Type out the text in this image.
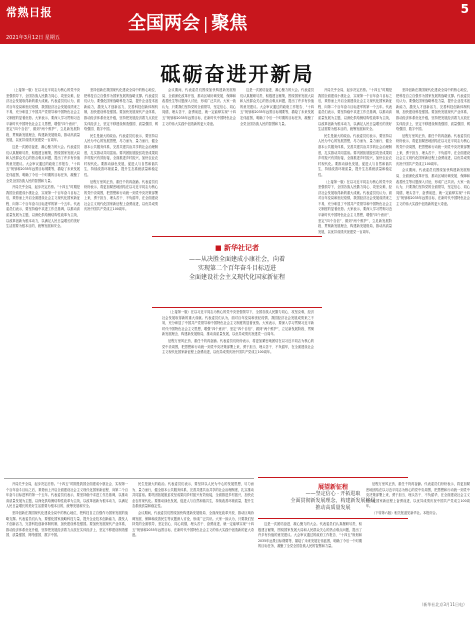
常熟日报
全国两会 | 聚焦
5
2021年3月12日 星期五
砥砺奋进开新局

（上接第一版）在以习近平同志为核心的党中央坚强领导下，全国各族人民勠力同心、攻坚克难，经济社会发展取得新的重大成就。代表委员们认为，面对百年变局和世纪疫情，我国经济社会发展成绩来之不易，充分彰显了中国共产党领导和中国特色社会主义制度的显著优势。大家表示，要深入学习贯彻习近平新时代中国特色社会主义思想，增强“四个意识”、坚定“四个自信”、做到“两个维护”，立足新发展阶段、贯彻新发展理念、构建新发展格局，推动高质量发展，以优异成绩庆祝建党一百周年。

这是一次团结奋进、凝心聚力的大会。代表委员们认真履职尽责，积极建言献策，围绕国家发展大局和人民群众关心的热点难点问题，提出了许多有价值的意见建议。大会审议通过的政府工作报告、“十四五”规划和2035年远景目标纲要等，描绘了未来发展宏伟蓝图，明确了今后一个时期的目标任务，凝聚了全党全国各族人民的智慧和力量。

开局关乎全局，起步决定后势。“十四五”时期是我国全面建成小康社会、实现第一个百年奋斗目标之后，乘势而上开启全面建设社会主义现代化国家新征程、向第二个百年奋斗目标进军的第一个五年。代表委员们表示，要坚持稳中求进工作总基调，以推动高质量发展为主题，以深化供给侧结构性改革为主线，以改革创新为根本动力，以满足人民日益增长的美好生活需要为根本目的，统筹发展和安全。

坚持创新在我国现代化建设全局中的核心地位，把科技自立自强作为国家发展的战略支撑。代表委员们认为，要强化国家战略科技力量，提升企业技术创新能力，激发人才创新活力，完善科技创新体制机制，加快建设科技强国。要加快发展现代产业体系，推动经济体系优化升级，坚持把发展经济着力点放在实体经济上，坚定不移建设制造强国、质量强国、网络强国、数字中国。

民生是最大的政治。代表委员们表示，要坚持以人民为中心的发展思想，尽力而为、量力而行，健全基本公共服务体系，完善共建共治共享的社会治理制度，扎实推动共同富裕。要巩固拓展脱贫攻坚成果同乡村振兴有效衔接，全面推进乡村振兴，加快农业农村现代化。要推动绿色发展，促进人与自然和谐共生，持续改善环境质量，提升生态系统质量和稳定性。

征程万里风正劲，重任千钧再奋蹄。代表委员们纷纷表示，将更加紧密地团结在以习近平同志为核心的党中央周围，把思想和行动统一到党中央决策部署上来，勇于担当、埋头苦干、不负韶华，在全面建设社会主义现代化国家新征程上奋勇前进，以优异成绩庆祝中国共产党成立100周年。

会议期间，代表委员们围绕加快构建新发展格局、全面深化改革开放、推动区域协调发展、保障和改善民生等议题深入讨论，形成广泛共识。大家一致认为，只要我们坚持党的全面领导，坚定信心、同心同德，埋头苦干、奋勇前进，就一定能够实现“十四五”规划和2035年远景目标，在新时代中国特色社会主义的伟大实践中创造新的更大奇迹。

这是一次团结奋进、凝心聚力的大会。代表委员们认真履职尽责，积极建言献策，围绕国家发展大局和人民群众关心的热点难点问题，提出了许多有价值的意见建议。大会审议通过的政府工作报告、“十四五”规划和2035年远景目标纲要等，描绘了未来发展宏伟蓝图，明确了今后一个时期的目标任务，凝聚了全党全国各族人民的智慧和力量。

开局关乎全局，起步决定后势。“十四五”时期是我国全面建成小康社会、实现第一个百年奋斗目标之后，乘势而上开启全面建设社会主义现代化国家新征程、向第二个百年奋斗目标进军的第一个五年。代表委员们表示，要坚持稳中求进工作总基调，以推动高质量发展为主题，以深化供给侧结构性改革为主线，以改革创新为根本动力，以满足人民日益增长的美好生活需要为根本目的，统筹发展和安全。

民生是最大的政治。代表委员们表示，要坚持以人民为中心的发展思想，尽力而为、量力而行，健全基本公共服务体系，完善共建共治共享的社会治理制度，扎实推动共同富裕。要巩固拓展脱贫攻坚成果同乡村振兴有效衔接，全面推进乡村振兴，加快农业农村现代化。要推动绿色发展，促进人与自然和谐共生，持续改善环境质量，提升生态系统质量和稳定性。

（上接第一版）在以习近平同志为核心的党中央坚强领导下，全国各族人民勠力同心、攻坚克难，经济社会发展取得新的重大成就。代表委员们认为，面对百年变局和世纪疫情，我国经济社会发展成绩来之不易，充分彰显了中国共产党领导和中国特色社会主义制度的显著优势。大家表示，要深入学习贯彻习近平新时代中国特色社会主义思想，增强“四个意识”、坚定“四个自信”、做到“两个维护”，立足新发展阶段、贯彻新发展理念、构建新发展格局，推动高质量发展，以优异成绩庆祝建党一百周年。

坚持创新在我国现代化建设全局中的核心地位，把科技自立自强作为国家发展的战略支撑。代表委员们认为，要强化国家战略科技力量，提升企业技术创新能力，激发人才创新活力，完善科技创新体制机制，加快建设科技强国。要加快发展现代产业体系，推动经济体系优化升级，坚持把发展经济着力点放在实体经济上，坚定不移建设制造强国、质量强国、网络强国、数字中国。

征程万里风正劲，重任千钧再奋蹄。代表委员们纷纷表示，将更加紧密地团结在以习近平同志为核心的党中央周围，把思想和行动统一到党中央决策部署上来，勇于担当、埋头苦干、不负韶华，在全面建设社会主义现代化国家新征程上奋勇前进，以优异成绩庆祝中国共产党成立100周年。

会议期间，代表委员们围绕加快构建新发展格局、全面深化改革开放、推动区域协调发展、保障和改善民生等议题深入讨论，形成广泛共识。大家一致认为，只要我们坚持党的全面领导，坚定信心、同心同德，埋头苦干、奋勇前进，就一定能够实现“十四五”规划和2035年远景目标，在新时代中国特色社会主义的伟大实践中创造新的更大奇迹。

■ 新华社记者
——从决胜全面建成小康社会，向着
实现第二个百年奋斗目标迈进
全面建设社会主义现代化国家新征程

（上接第一版）在以习近平同志为核心的党中央坚强领导下，全国各族人民勠力同心、攻坚克难，经济社会发展取得新的重大成就。代表委员们认为，面对百年变局和世纪疫情，我国经济社会发展成绩来之不易，充分彰显了中国共产党领导和中国特色社会主义制度的显著优势。大家表示，要深入学习贯彻习近平新时代中国特色社会主义思想，增强“四个意识”、坚定“四个自信”、做到“两个维护”，立足新发展阶段、贯彻新发展理念、构建新发展格局，推动高质量发展，以优异成绩庆祝建党一百周年。

征程万里风正劲，重任千钧再奋蹄。代表委员们纷纷表示，将更加紧密地团结在以习近平同志为核心的党中央周围，把思想和行动统一到党中央决策部署上来，勇于担当、埋头苦干、不负韶华，在全面建设社会主义现代化国家新征程上奋勇前进，以优异成绩庆祝中国共产党成立100周年。

开局关乎全局，起步决定后势。“十四五”时期是我国全面建成小康社会、实现第一个百年奋斗目标之后，乘势而上开启全面建设社会主义现代化国家新征程、向第二个百年奋斗目标进军的第一个五年。代表委员们表示，要坚持稳中求进工作总基调，以推动高质量发展为主题，以深化供给侧结构性改革为主线，以改革创新为根本动力，以满足人民日益增长的美好生活需要为根本目的，统筹发展和安全。

坚持创新在我国现代化建设全局中的核心地位，把科技自立自强作为国家发展的战略支撑。代表委员们认为，要强化国家战略科技力量，提升企业技术创新能力，激发人才创新活力，完善科技创新体制机制，加快建设科技强国。要加快发展现代产业体系，推动经济体系优化升级，坚持把发展经济着力点放在实体经济上，坚定不移建设制造强国、质量强国、网络强国、数字中国。

民生是最大的政治。代表委员们表示，要坚持以人民为中心的发展思想，尽力而为、量力而行，健全基本公共服务体系，完善共建共治共享的社会治理制度，扎实推动共同富裕。要巩固拓展脱贫攻坚成果同乡村振兴有效衔接，全面推进乡村振兴，加快农业农村现代化。要推动绿色发展，促进人与自然和谐共生，持续改善环境质量，提升生态系统质量和稳定性。

会议期间，代表委员们围绕加快构建新发展格局、全面深化改革开放、推动区域协调发展、保障和改善民生等议题深入讨论，形成广泛共识。大家一致认为，只要我们坚持党的全面领导，坚定信心、同心同德，埋头苦干、奋勇前进，就一定能够实现“十四五”规划和2035年远景目标，在新时代中国特色社会主义的伟大实践中创造新的更大奇迹。

展望新征程
——坚定信心 · 开拓进取
全面贯彻新发展理念，构建新发展格局
推动高质量发展

这是一次团结奋进、凝心聚力的大会。代表委员们认真履职尽责，积极建言献策，围绕国家发展大局和人民群众关心的热点难点问题，提出了许多有价值的意见建议。大会审议通过的政府工作报告、“十四五”规划和2035年远景目标纲要等，描绘了未来发展宏伟蓝图，明确了今后一个时期的目标任务，凝聚了全党全国各族人民的智慧和力量。

征程万里风正劲，重任千钧再奋蹄。代表委员们纷纷表示，将更加紧密地团结在以习近平同志为核心的党中央周围，把思想和行动统一到党中央决策部署上来，勇于担当、埋头苦干、不负韶华，在全面建设社会主义现代化国家新征程上奋勇前进，以优异成绩庆祝中国共产党成立100周年。

（下转第六版）相关报道见新华社。本报综合。

（新华社北京3月11日电）
